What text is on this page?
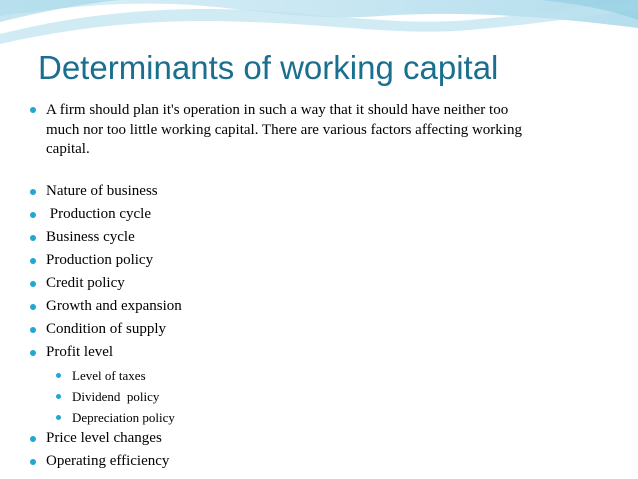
Determinants of working capital
A firm should plan it's operation in such a way that it should have neither too
much nor too little working capital. There are various factors affecting working
capital.
Nature of business
Production cycle
Business cycle
Production policy
Credit policy
Growth and expansion
Condition of supply
Profit level
Level of taxes
Dividend  policy
Depreciation policy
Price level changes
Operating efficiency
